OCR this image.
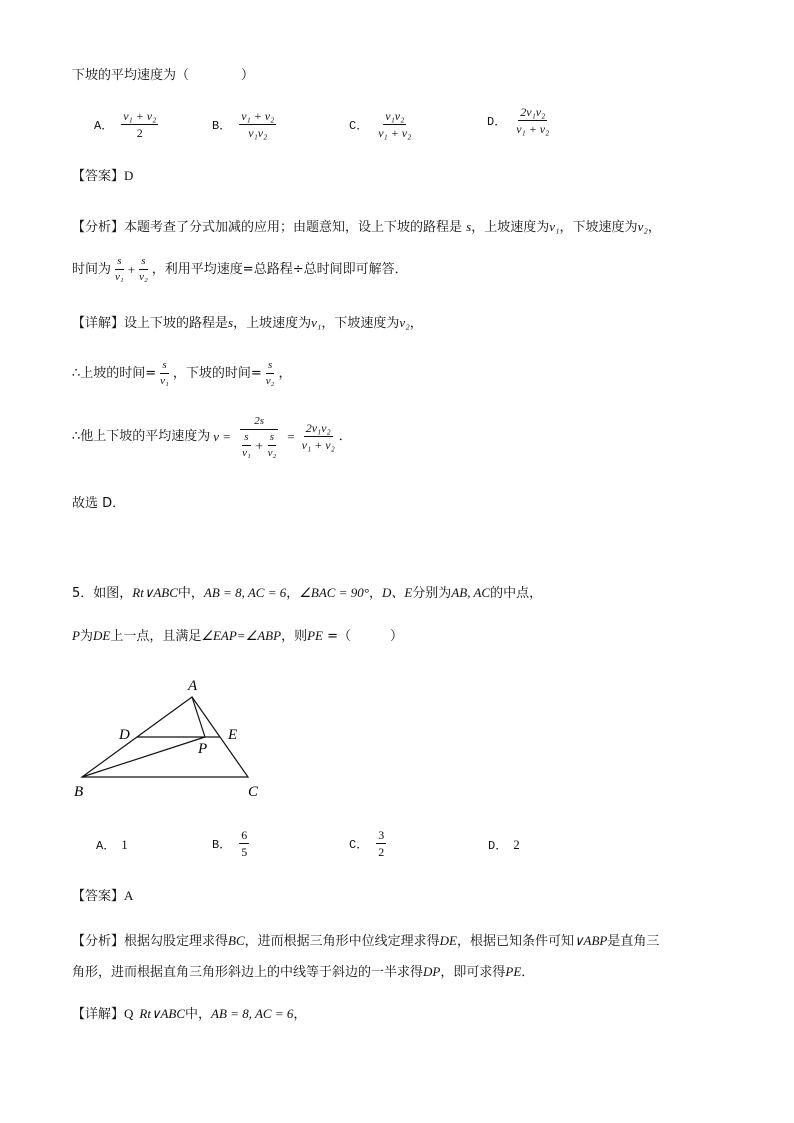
下坡的平均速度为（　　　　）
A． $\frac{\text{v₁ + v₂}}{2}$	B． $\frac{\text{v₁ + v₂}}{\text{v₁v₂}}$	C． $\frac{\text{v₁v₂}}{\text{v₁ + v₂}}$	D． $\frac{\text{2v₁v₂}}{\text{v₁ + v₂}}$
【答案】D
【分析】本题考查了分式加减的应用；由题意知，设上下坡的路程是 s，上坡速度为v₁，下坡速度为v₂，
时间为 $\frac{s}{\text{v₁}} + \frac{s}{\text{v₂}}$ ，利用平均速度=总路程÷总时间即可解答．
【详解】设上下坡的路程是s，上坡速度为v₁，下坡速度为v₂，
∴上坡的时间= $\frac{s}{\text{v₁}}$ ，下坡的时间= $\frac{s}{\text{v₂}}$ ，
∴他上下坡的平均速度为 $v = \frac{2s}{\frac{s}{\text{v₁}} + \frac{s}{\text{v₂}}} = \frac{\text{2v₁v₂}}{\text{v₁ + v₂}}$ ．
故选 D．
5．如图，Rt∨ABC中，AB = 8, AC = 6，∠BAC = 90°，D、E分别为AB, AC的中点，
P为DE上一点，且满足∠EAP=∠ABP，则PE =（　　　）
A
B	C
D	E
P
A． 1	B． $\frac{6}{5}$	C． $\frac{3}{2}$	D． 2
【答案】A
【分析】根据勾股定理求得BC，进而根据三角形中位线定理求得DE，根据已知条件可知∨ABP是直角三
角形，进而根据直角三角形斜边上的中线等于斜边的一半求得DP，即可求得PE．
【详解】Q Rt∨ABC中，AB = 8, AC = 6，
